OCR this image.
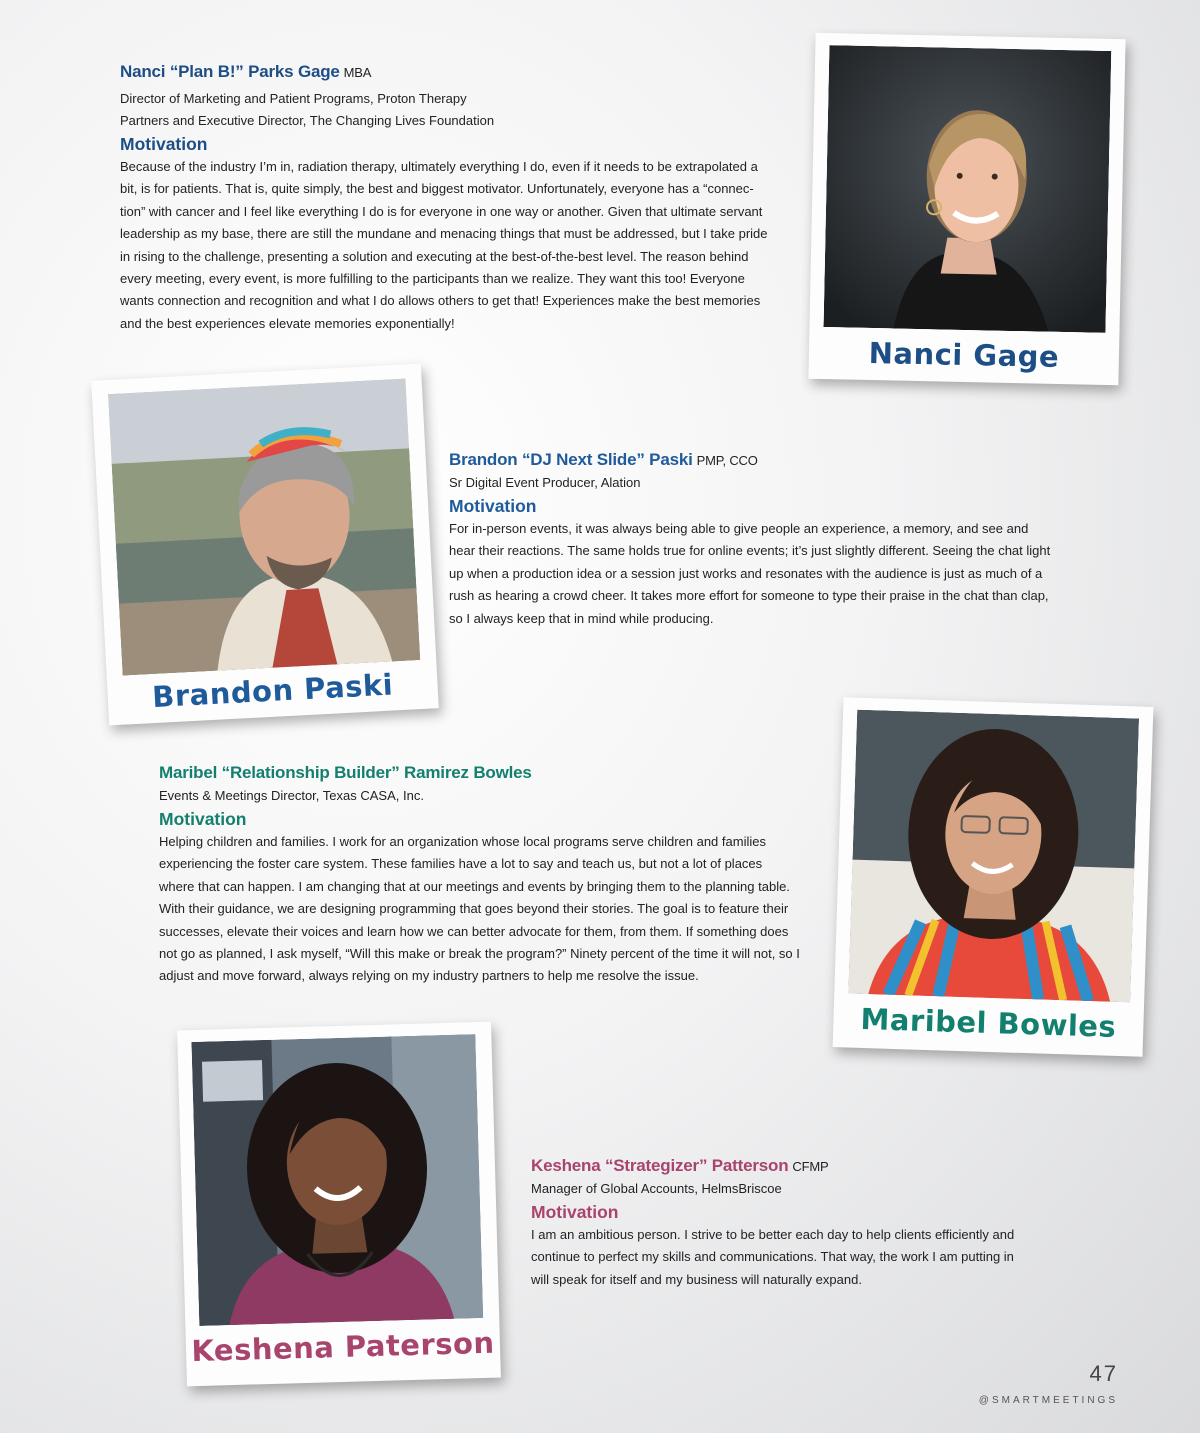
Nanci “Plan B!” Parks Gage MBA
Director of Marketing and Patient Programs, Proton Therapy
Partners and Executive Director, The Changing Lives Foundation
Motivation

Because of the industry I’m in, radiation therapy, ultimately everything I do, even if it needs to be extrapolated a

bit, is for patients. That is, quite simply, the best and biggest motivator. Unfortunately, everyone has a “connec-

tion” with cancer and I feel like everything I do is for everyone in one way or another. Given that ultimate servant

leadership as my base, there are still the mundane and menacing things that must be addressed, but I take pride

in rising to the challenge, presenting a solution and executing at the best-of-the-best level. The reason behind

every meeting, every event, is more fulfilling to the participants than we realize. They want this too! Everyone

wants connection and recognition and what I do allows others to get that! Experiences make the best memories

and the best experiences elevate memories exponentially!

Nanci Gage
Brandon Paski
Brandon “DJ Next Slide” Paski PMP, CCO
Sr Digital Event Producer, Alation
Motivation

For in-person events, it was always being able to give people an experience, a memory, and see and

hear their reactions. The same holds true for online events; it’s just slightly different. Seeing the chat light

up when a production idea or a session just works and resonates with the audience is just as much of a

rush as hearing a crowd cheer. It takes more effort for someone to type their praise in the chat than clap,

so I always keep that in mind while producing.

Maribel “Relationship Builder” Ramirez Bowles
Events & Meetings Director, Texas CASA, Inc.
Motivation

Helping children and families. I work for an organization whose local programs serve children and families

experiencing the foster care system. These families have a lot to say and teach us, but not a lot of places

where that can happen. I am changing that at our meetings and events by bringing them to the planning table.

With their guidance, we are designing programming that goes beyond their stories. The goal is to feature their

successes, elevate their voices and learn how we can better advocate for them, from them. If something does

not go as planned, I ask myself, “Will this make or break the program?” Ninety percent of the time it will not, so I

adjust and move forward, always relying on my industry partners to help me resolve the issue.

Maribel Bowles
Keshena Paterson
Keshena “Strategizer” Patterson CFMP
Manager of Global Accounts, HelmsBriscoe
Motivation

I am an ambitious person. I strive to be better each day to help clients efficiently and

continue to perfect my skills and communications. That way, the work I am putting in

will speak for itself and my business will naturally expand.

47
@SMARTMEETINGS
